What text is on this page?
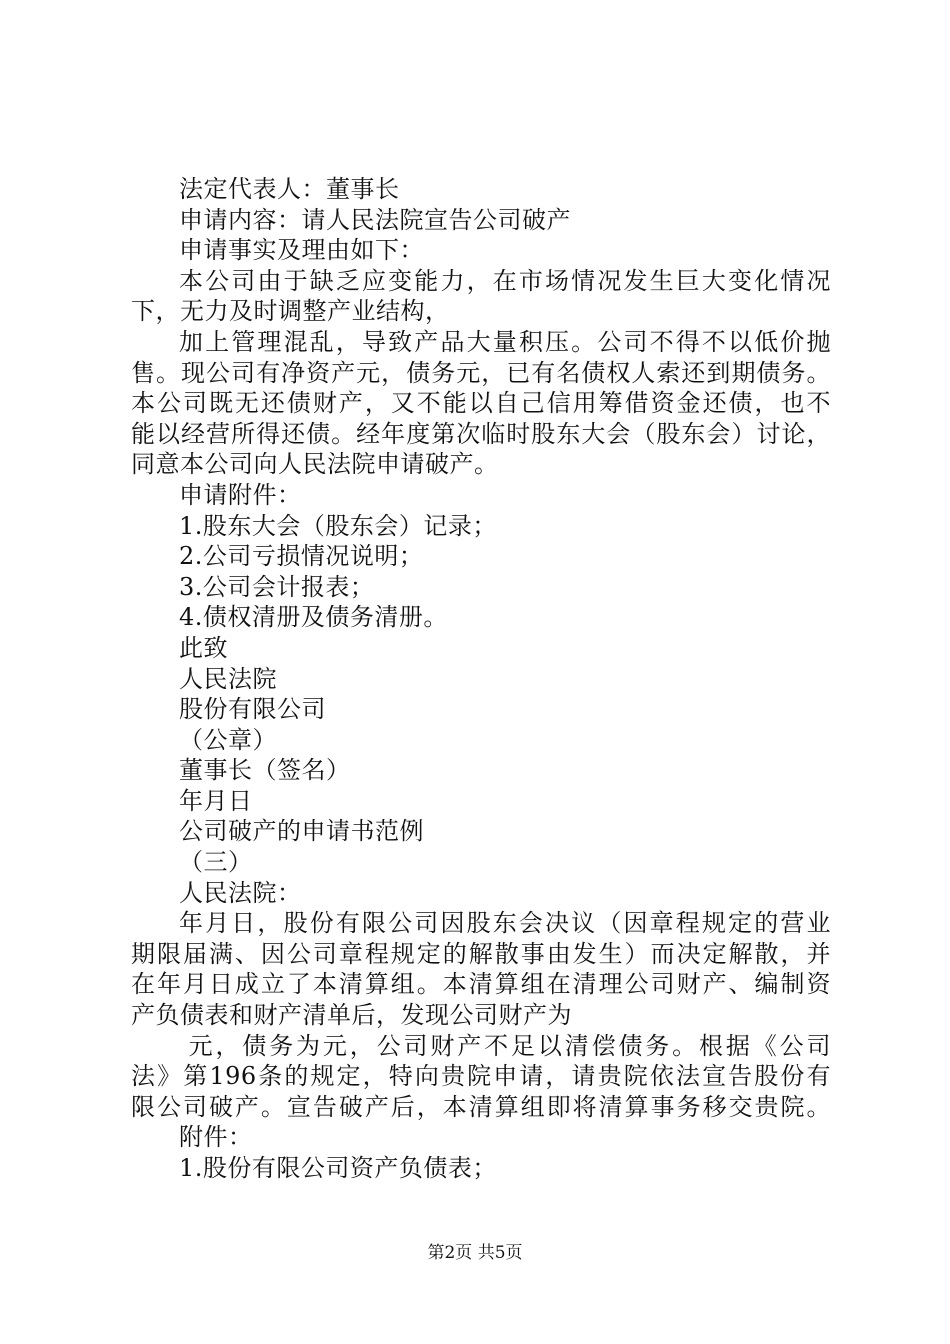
法定代表人：董事长
申请内容：请人民法院宣告公司破产
申请事实及理由如下：
本公司由于缺乏应变能力，在市场情况发生巨大变化情况
下，无力及时调整产业结构，
加上管理混乱，导致产品大量积压。公司不得不以低价抛
售。现公司有净资产元，债务元，已有名债权人索还到期债务。
本公司既无还债财产，又不能以自己信用筹借资金还债，也不
能以经营所得还债。经年度第次临时股东大会（股东会）讨论，
同意本公司向人民法院申请破产。
申请附件：
1.股东大会（股东会）记录；
2.公司亏损情况说明；
3.公司会计报表；
4.债权清册及债务清册。
此致
人民法院
股份有限公司
（公章）
董事长（签名）
年月日
公司破产的申请书范例
（三）
人民法院：
年月日，股份有限公司因股东会决议（因章程规定的营业
期限届满、因公司章程规定的解散事由发生）而决定解散，并
在年月日成立了本清算组。本清算组在清理公司财产、编制资
产负债表和财产清单后，发现公司财产为
元，债务为元，公司财产不足以清偿债务。根据《公司
法》第196条的规定，特向贵院申请，请贵院依法宣告股份有
限公司破产。宣告破产后，本清算组即将清算事务移交贵院。
附件：
1.股份有限公司资产负债表；
第2页 共5页
